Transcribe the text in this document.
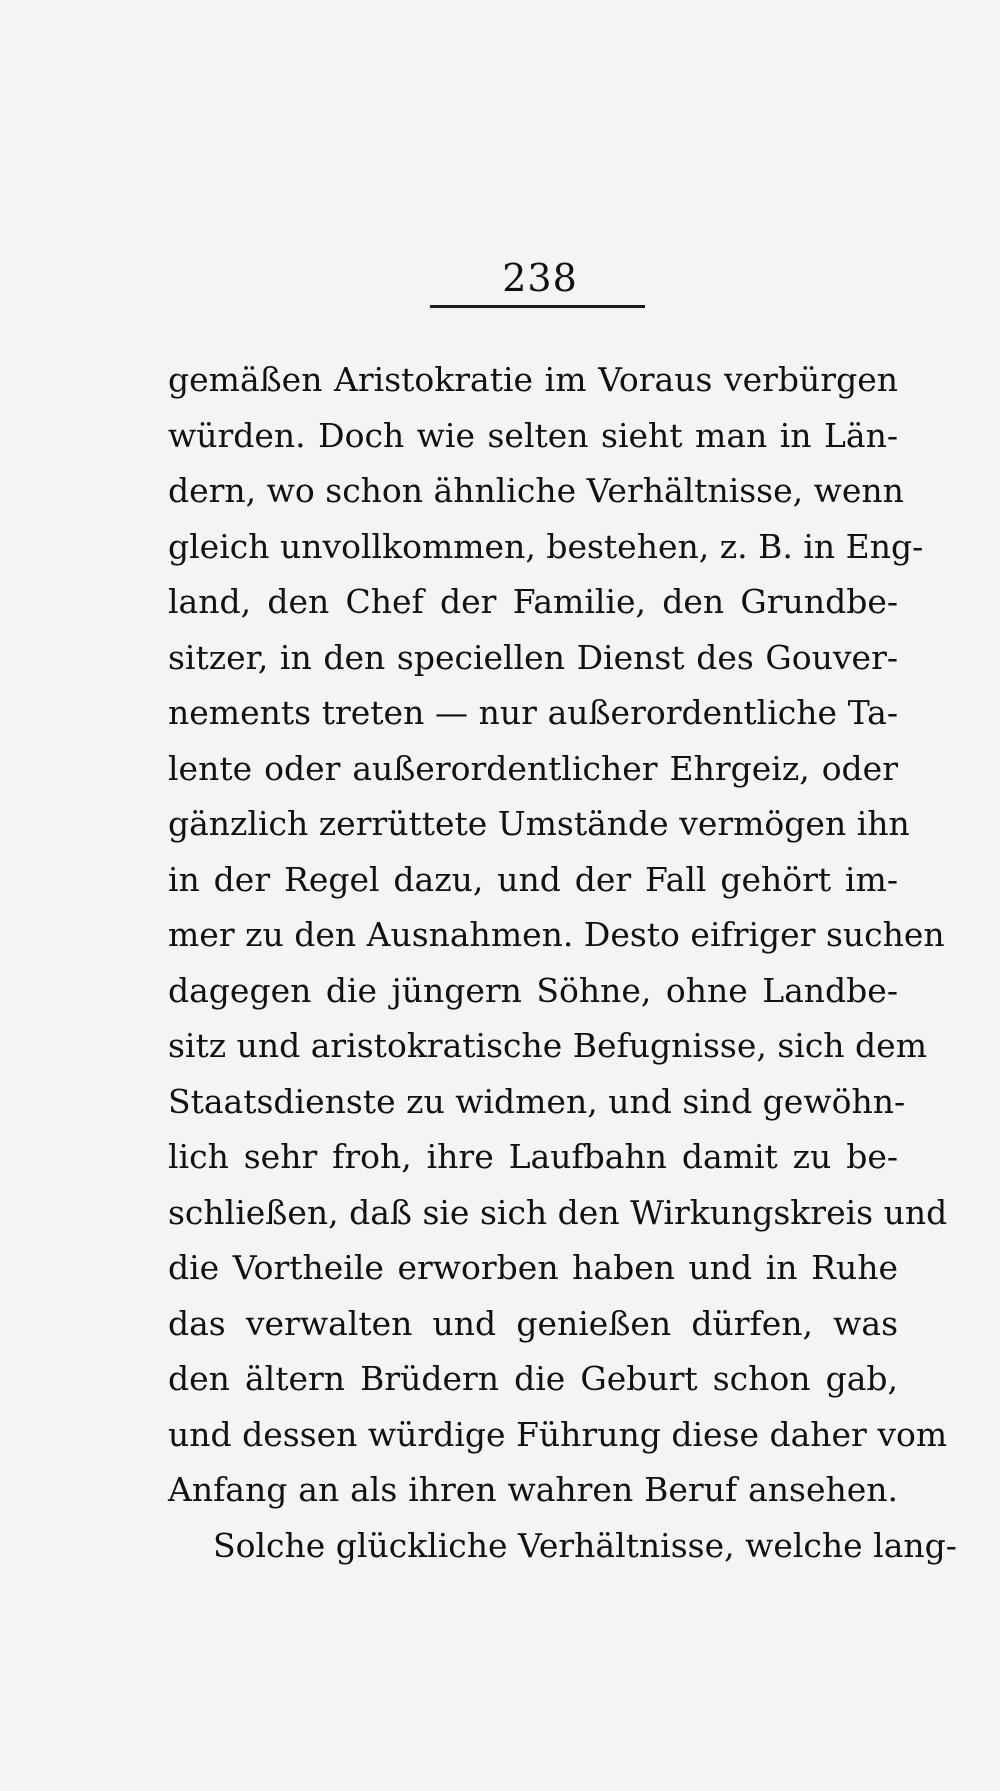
238
gemäßen Aristokratie im Voraus verbürgen
würden. Doch wie selten sieht man in Län-
dern, wo schon ähnliche Verhältnisse, wenn
gleich unvollkommen, bestehen, z. B. in Eng-
land, den Chef der Familie, den Grundbe-
sitzer, in den speciellen Dienst des Gouver-
nements treten — nur außerordentliche Ta-
lente oder außerordentlicher Ehrgeiz, oder
gänzlich zerrüttete Umstände vermögen ihn
in der Regel dazu, und der Fall gehört im-
mer zu den Ausnahmen. Desto eifriger suchen
dagegen die jüngern Söhne, ohne Landbe-
sitz und aristokratische Befugnisse, sich dem
Staatsdienste zu widmen, und sind gewöhn-
lich sehr froh, ihre Laufbahn damit zu be-
schließen, daß sie sich den Wirkungskreis und
die Vortheile erworben haben und in Ruhe
das verwalten und genießen dürfen, was
den ältern Brüdern die Geburt schon gab,
und dessen würdige Führung diese daher vom
Anfang an als ihren wahren Beruf ansehen.
Solche glückliche Verhältnisse, welche lang-
